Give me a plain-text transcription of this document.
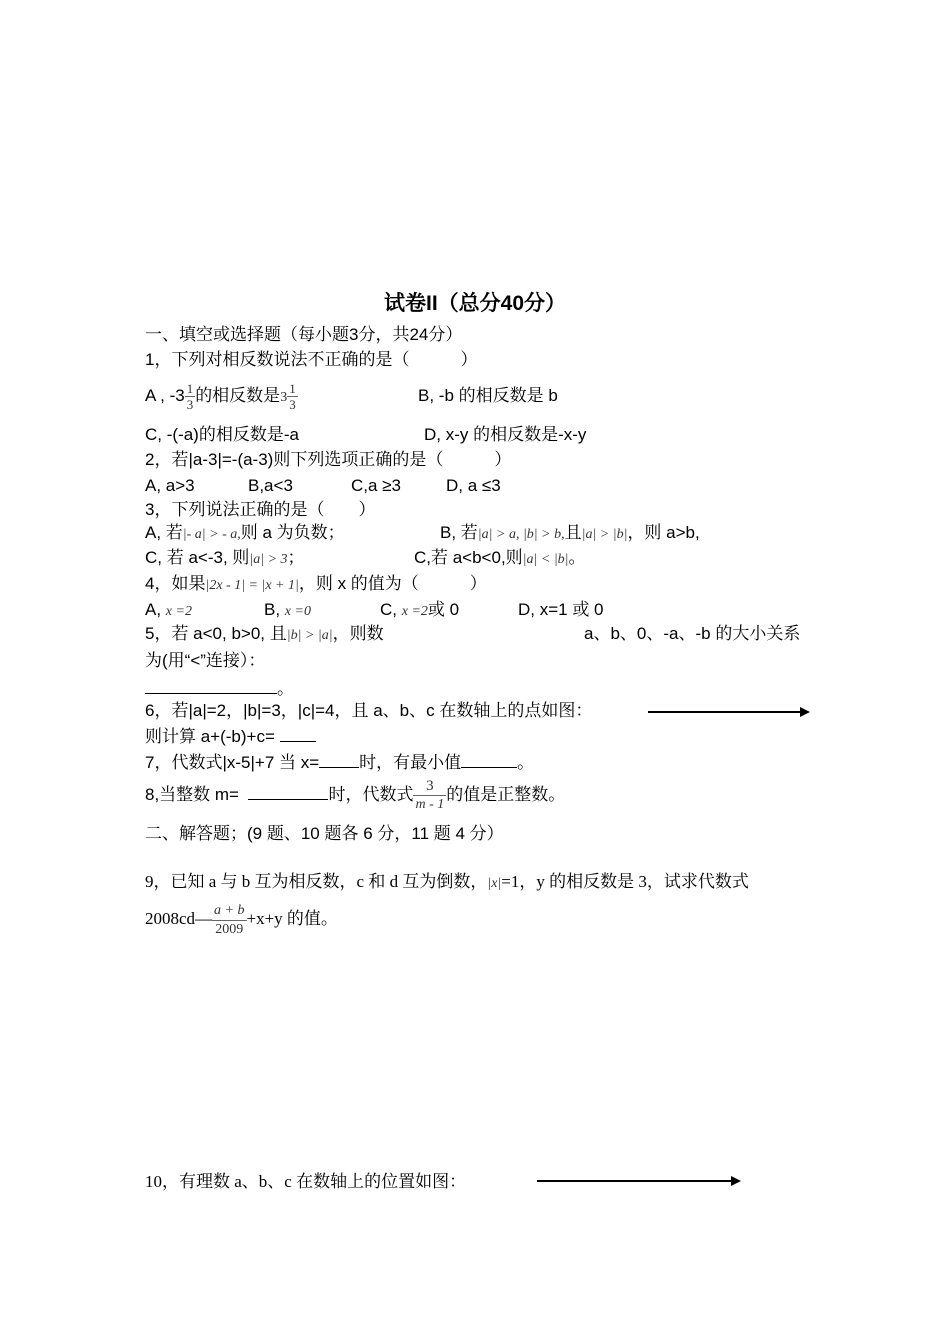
试卷II（总分40分）
一、填空或选择题（每小题3分，共24分）
1，下列对相反数说法不正确的是（　　　）
A , $-3 \frac{1}{3}$ 的相反数是$3 \frac{1}{3}$	B, -b 的相反数是 b
C, -(-a)的相反数是-a	D, x-y 的相反数是-x-y
2，若|a-3|=-(a-3)则下列选项正确的是（　　　）
A, a>3	B,a<3	C,a ≥3	D, a ≤3
3，下列说法正确的是（　　）
A, 若|- a| > - a,则 a 为负数；	B, 若|a| > a, |b| > b,且|a| > |b|，则 a>b,
C, 若 a<-3, 则|a| > 3；	C,若 a<b<0,则|a| < |b|。
4，如果|2x - 1| = |x + 1|，则 x 的值为（　　　）
A, x =2	B, x =0	C, x =2或 0	D, x=1 或 0
5，若 a<0, b>0, 且|b| > |a|，则数	a、b、0、-a、-b 的大小关系
为(用“<”连接）：
。
6，若|a|=2，|b|=3，|c|=4，且 a、b、c 在数轴上的点如图：
则计算 a+(-b)+c=
7，代数式|x-5|+7 当 x= 时，有最小值	。
8,当整数 m=	时，代数式 $\frac{3}{m - 1}$ 的值是正整数。
二、解答题；(9 题、10 题各 6 分，11 题 4 分）
9，已知 a 与 b 互为相反数，c 和 d 互为倒数，|x|=1，y 的相反数是 3，试求代数式
2008cd— $\frac{a + b}{2009} +x+y$ 的值。
10，有理数 a、b、c 在数轴上的位置如图：
